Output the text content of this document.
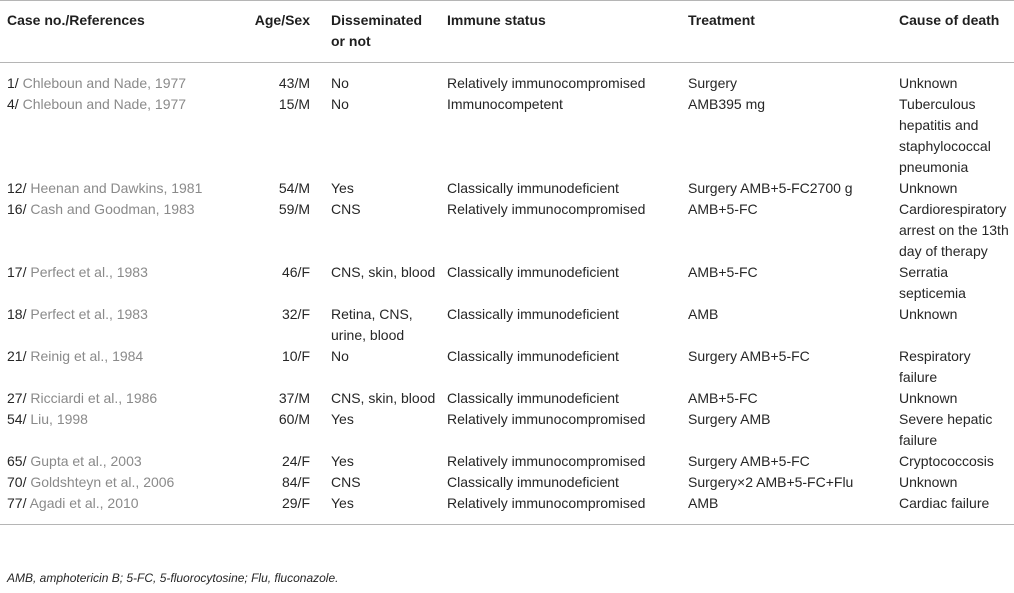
Case no./References	Age/Sex	Disseminated or not	Immune status	Treatment	Cause of death
1/ Chleboun and Nade, 1977	43/M	No	Relatively immunocompromised	Surgery	Unknown
4/ Chleboun and Nade, 1977	15/M	No	Immunocompetent	AMB395 mg	Tuberculous hepatitis and staphylococcal pneumonia
12/ Heenan and Dawkins, 1981	54/M	Yes	Classically immunodeficient	Surgery AMB+5-FC2700 g	Unknown
16/ Cash and Goodman, 1983	59/M	CNS	Relatively immunocompromised	AMB+5-FC	Cardiorespiratory arrest on the 13th day of therapy
17/ Perfect et al., 1983	46/F	CNS, skin, blood	Classically immunodeficient	AMB+5-FC	Serratia septicemia
18/ Perfect et al., 1983	32/F	Retina, CNS, urine, blood	Classically immunodeficient	AMB	Unknown
21/ Reinig et al., 1984	10/F	No	Classically immunodeficient	Surgery AMB+5-FC	Respiratory failure
27/ Ricciardi et al., 1986	37/M	CNS, skin, blood	Classically immunodeficient	AMB+5-FC	Unknown
54/ Liu, 1998	60/M	Yes	Relatively immunocompromised	Surgery AMB	Severe hepatic failure
65/ Gupta et al., 2003	24/F	Yes	Relatively immunocompromised	Surgery AMB+5-FC	Cryptococcosis
70/ Goldshteyn et al., 2006	84/F	CNS	Classically immunodeficient	Surgery×2 AMB+5-FC+Flu	Unknown
77/ Agadi et al., 2010	29/F	Yes	Relatively immunocompromised	AMB	Cardiac failure
AMB, amphotericin B; 5-FC, 5-fluorocytosine; Flu, fluconazole.
